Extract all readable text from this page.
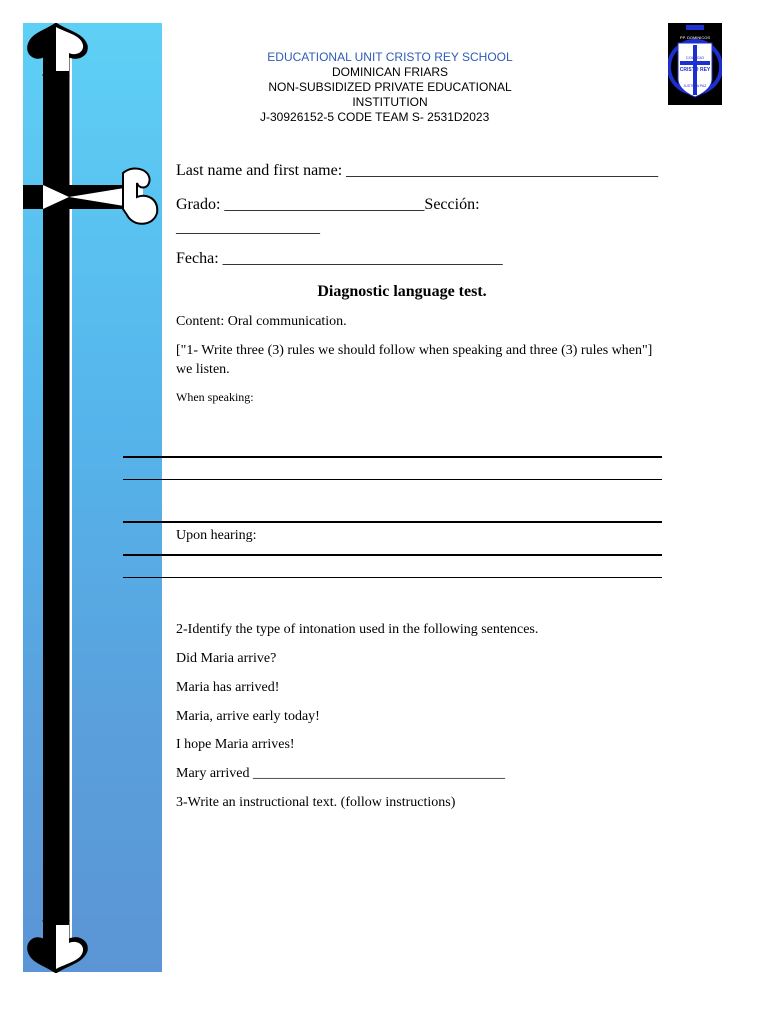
EDUCATIONAL UNIT CRISTO REY SCHOOL
DOMINICAN FRIARS
NON-SUBSIDIZED PRIVATE EDUCATIONAL INSTITUTION
J-30926152-5 CODE TEAM S- 2531D2023
PP. DOMINICOS
COLEGIO
CRISTO REY
JUSTICIA PAZ
Last name and first name: _______________________________________
Grado: _________________________Sección:
__________________
Fecha: ___________________________________
Diagnostic language test.
Content: Oral communication.
["1- Write three (3) rules we should follow when speaking and three (3) rules when"]
we listen.
When speaking:
Upon hearing:
2-Identify the type of intonation used in the following sentences.
Did Maria arrive?
Maria has arrived!
Maria, arrive early today!
I hope Maria arrives!
Mary arrived ____________________________________
3-Write an instructional text. (follow instructions)
